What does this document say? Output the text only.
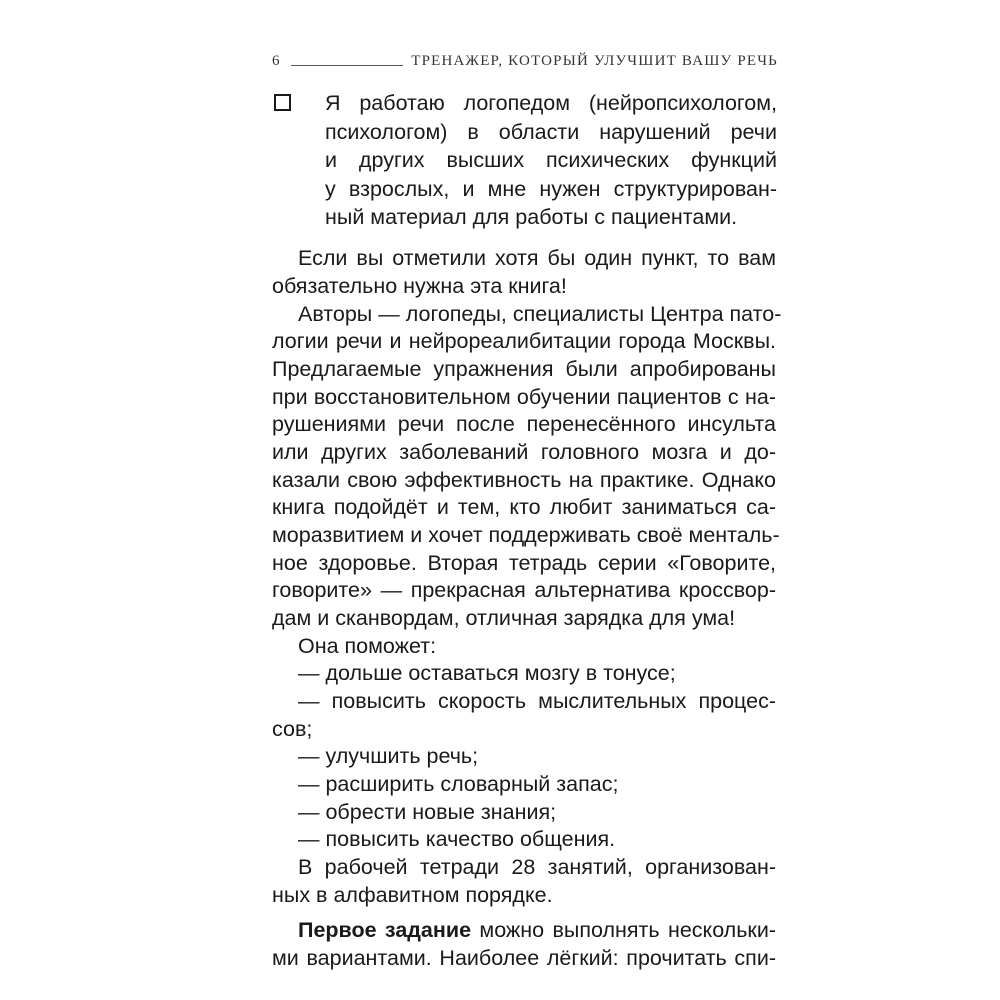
6	ТРЕНАЖЕР, КОТОРЫЙ УЛУЧШИТ ВАШУ РЕЧЬ
Я работаю логопедом (нейропсихологом,
психологом) в области нарушений речи
и других высших психических функций
у взрослых, и мне нужен структурирован-
ный материал для работы с пациентами.
Если вы отметили хотя бы один пункт, то вам
обязательно нужна эта книга!
Авторы — логопеды, специалисты Центра пато-
логии речи и нейрореалибитации города Москвы.
Предлагаемые упражнения были апробированы
при восстановительном обучении пациентов с на-
рушениями речи после перенесённого инсульта
или других заболеваний головного мозга и до-
казали свою эффективность на практике. Однако
книга подойдёт и тем, кто любит заниматься са-
моразвитием и хочет поддерживать своё менталь-
ное здоровье. Вторая тетрадь серии «Говорите,
говорите» — прекрасная альтернатива кроссвор-
дам и сканвордам, отличная зарядка для ума!
Она поможет:
— дольше оставаться мозгу в тонусе;
— повысить скорость мыслительных процес-
сов;
— улучшить речь;
— расширить словарный запас;
— обрести новые знания;
— повысить качество общения.
В рабочей тетради 28 занятий, организован-
ных в алфавитном порядке.
Первое задание можно выполнять нескольки-
ми вариантами. Наиболее лёгкий: прочитать спи-
